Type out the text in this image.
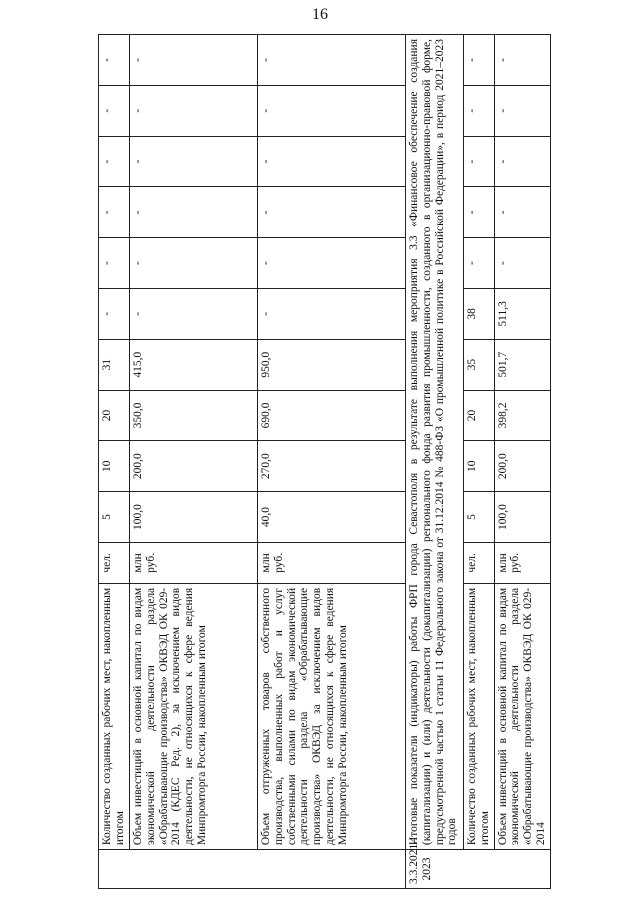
16
	Количество созданных рабочих мест, накопленным итогом	чел.	5	10	20	31	-	-	-	-	-	-
	Объем инвестиций в основной капитал по видам экономической деятельности раздела «Обрабатывающие производства» ОКВЭД ОК 029-2014 (КДЕС Ред. 2), за исключением видов деятельности, не относящихся к сфере ведения Минпромторга России, накопленным итогом	млн руб.	100,0	200,0	350,0	415,0	-	-	-	-	-	-
	Объем отгруженных товаров собственного производства, выполненных работ и услуг собственными силами по видам экономической деятельности раздела «Обрабатывающие производства» ОКВЭД за исключением видов деятельности, не относящихся к сфере ведения Минпромторга России, накопленным итогом	млн руб.	40,0	270,0	690,0	950,0	-	-	-	-	-	-
3.3.2021–2023	Итоговые показатели (индикаторы) работы ФРП города Севастополя в результате выполнения мероприятия 3.3 «Финансовое обеспечение создания (капитализации) и (или) деятельности (докапитализации) регионального фонда развития промышленности, созданного в организационно-правовой форме, предусмотренной частью 1 статьи 11 Федерального закона от 31.12.2014 № 488-ФЗ «О промышленной политике в Российской Федерации», в период 2021–2023 годов											
	Количество созданных рабочих мест, накопленным итогом	чел.	5	10	20	35	38	-	-	-	-	-
	Объем инвестиций в основной капитал по видам экономической деятельности раздела «Обрабатывающие производства» ОКВЭД ОК 029-2014	млн руб.	100,0	200,0	398,2	501,7	511,3	-	-	-	-	-
